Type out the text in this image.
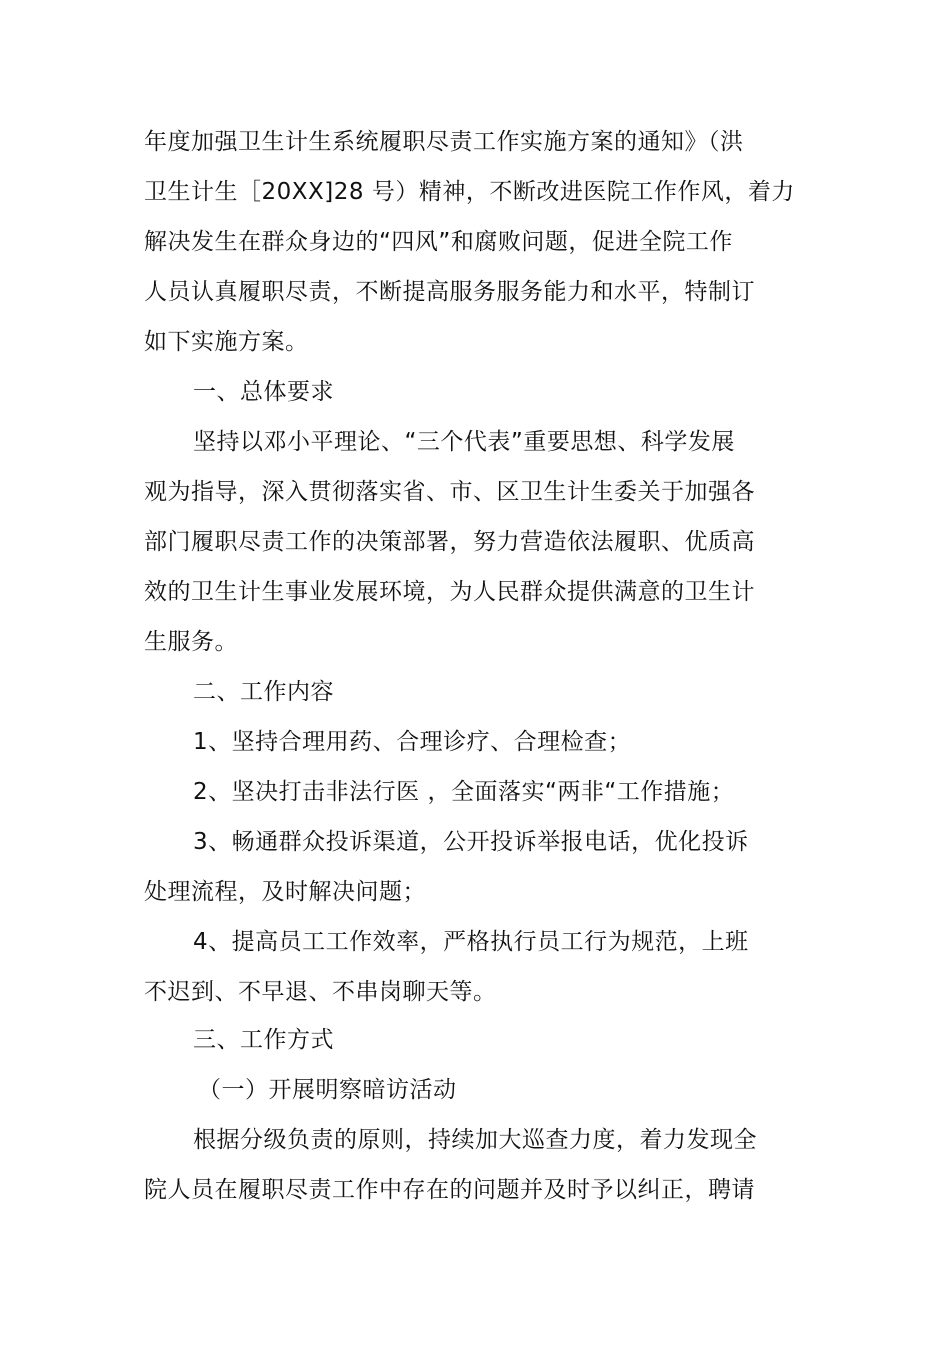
年度加强卫生计生系统履职尽责工作实施方案的通知》（洪
卫生计生［20XX]28 号）精神，不断改进医院工作作风，着力
解决发生在群众身边的“四风”和腐败问题，促进全院工作
人员认真履职尽责，不断提高服务服务能力和水平，特制订
如下实施方案。
一、总体要求
坚持以邓小平理论、“三个代表”重要思想、科学发展
观为指导，深入贯彻落实省、市、区卫生计生委关于加强各
部门履职尽责工作的决策部署，努力营造依法履职、优质高
效的卫生计生事业发展环境，为人民群众提供满意的卫生计
生服务。
二、工作内容
1、坚持合理用药、合理诊疗、合理检查；
2、坚决打击非法行医 ，全面落实“两非“工作措施；
3、畅通群众投诉渠道，公开投诉举报电话，优化投诉
处理流程，及时解决问题；
4、提高员工工作效率，严格执行员工行为规范，上班
不迟到、不早退、不串岗聊天等。
三、工作方式
（一）开展明察暗访活动
根据分级负责的原则，持续加大巡查力度，着力发现全
院人员在履职尽责工作中存在的问题并及时予以纠正，聘请
